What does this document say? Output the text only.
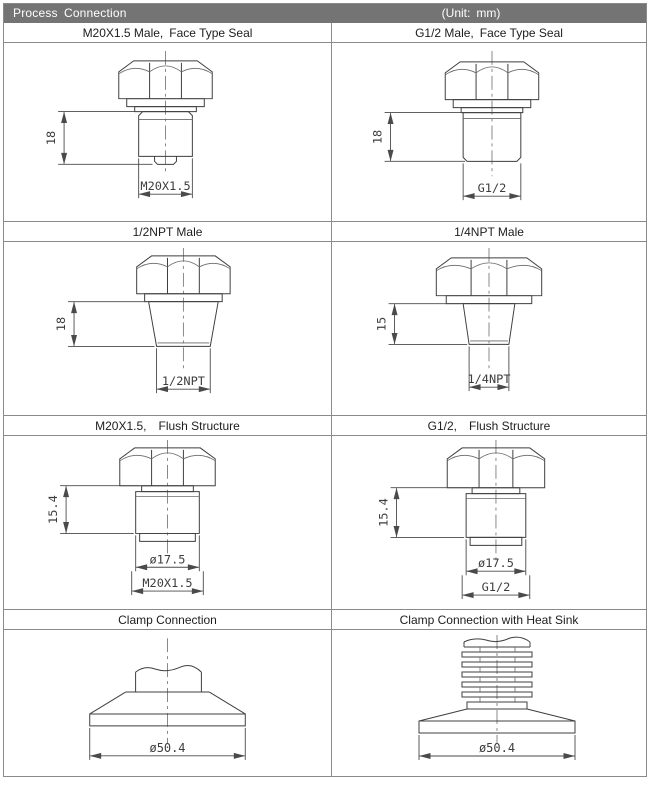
Process Connection	(Unit: mm)
M20X1.5 Male, Face Type Seal	G1/2 Male, Face Type Seal
18
M20X1.5
18
G1/2
1/2NPT Male	1/4NPT Male
18
1/2NPT
15
1/4NPT
M20X1.5, Flush Structure	G1/2, Flush Structure
15.4
ø17.5
M20X1.5
15.4
ø17.5
G1/2
Clamp Connection	Clamp Connection with Heat Sink
ø50.4	ø50.4
